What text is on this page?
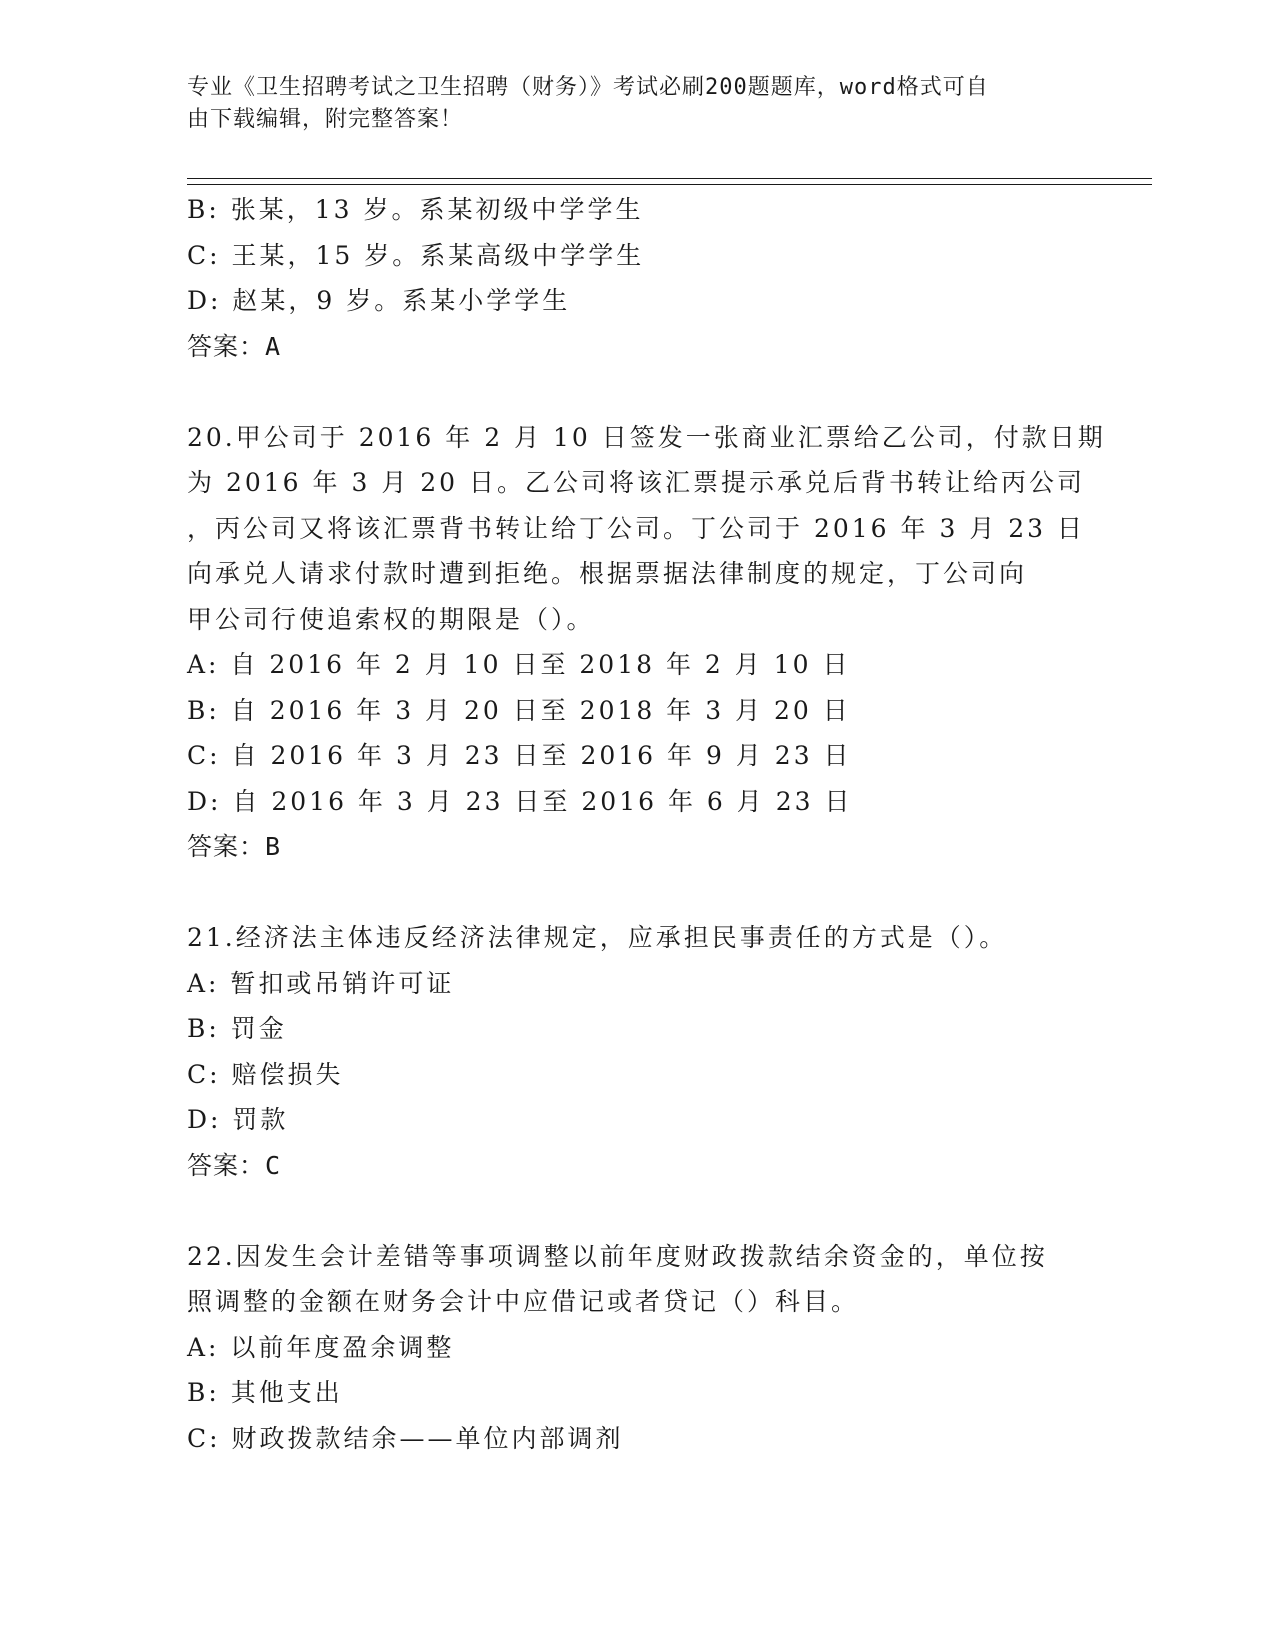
专业《卫生招聘考试之卫生招聘（财务）》考试必刷200题题库，word格式可自
由下载编辑，附完整答案！
B: 张某，13 岁。系某初级中学学生
C: 王某，15 岁。系某高级中学学生
D: 赵某，9 岁。系某小学学生
答案：A
20.甲公司于 2016 年 2 月 10 日签发一张商业汇票给乙公司，付款日期
为 2016 年 3 月 20 日。乙公司将该汇票提示承兑后背书转让给丙公司
，丙公司又将该汇票背书转让给丁公司。丁公司于 2016 年 3 月 23 日
向承兑人请求付款时遭到拒绝。根据票据法律制度的规定，丁公司向
甲公司行使追索权的期限是（）。
A: 自 2016 年 2 月 10 日至 2018 年 2 月 10 日
B: 自 2016 年 3 月 20 日至 2018 年 3 月 20 日
C: 自 2016 年 3 月 23 日至 2016 年 9 月 23 日
D: 自 2016 年 3 月 23 日至 2016 年 6 月 23 日
答案：B
21.经济法主体违反经济法律规定，应承担民事责任的方式是（）。
A: 暂扣或吊销许可证
B: 罚金
C: 赔偿损失
D: 罚款
答案：C
22.因发生会计差错等事项调整以前年度财政拨款结余资金的，单位按
照调整的金额在财务会计中应借记或者贷记（）科目。
A: 以前年度盈余调整
B: 其他支出
C: 财政拨款结余——单位内部调剂
